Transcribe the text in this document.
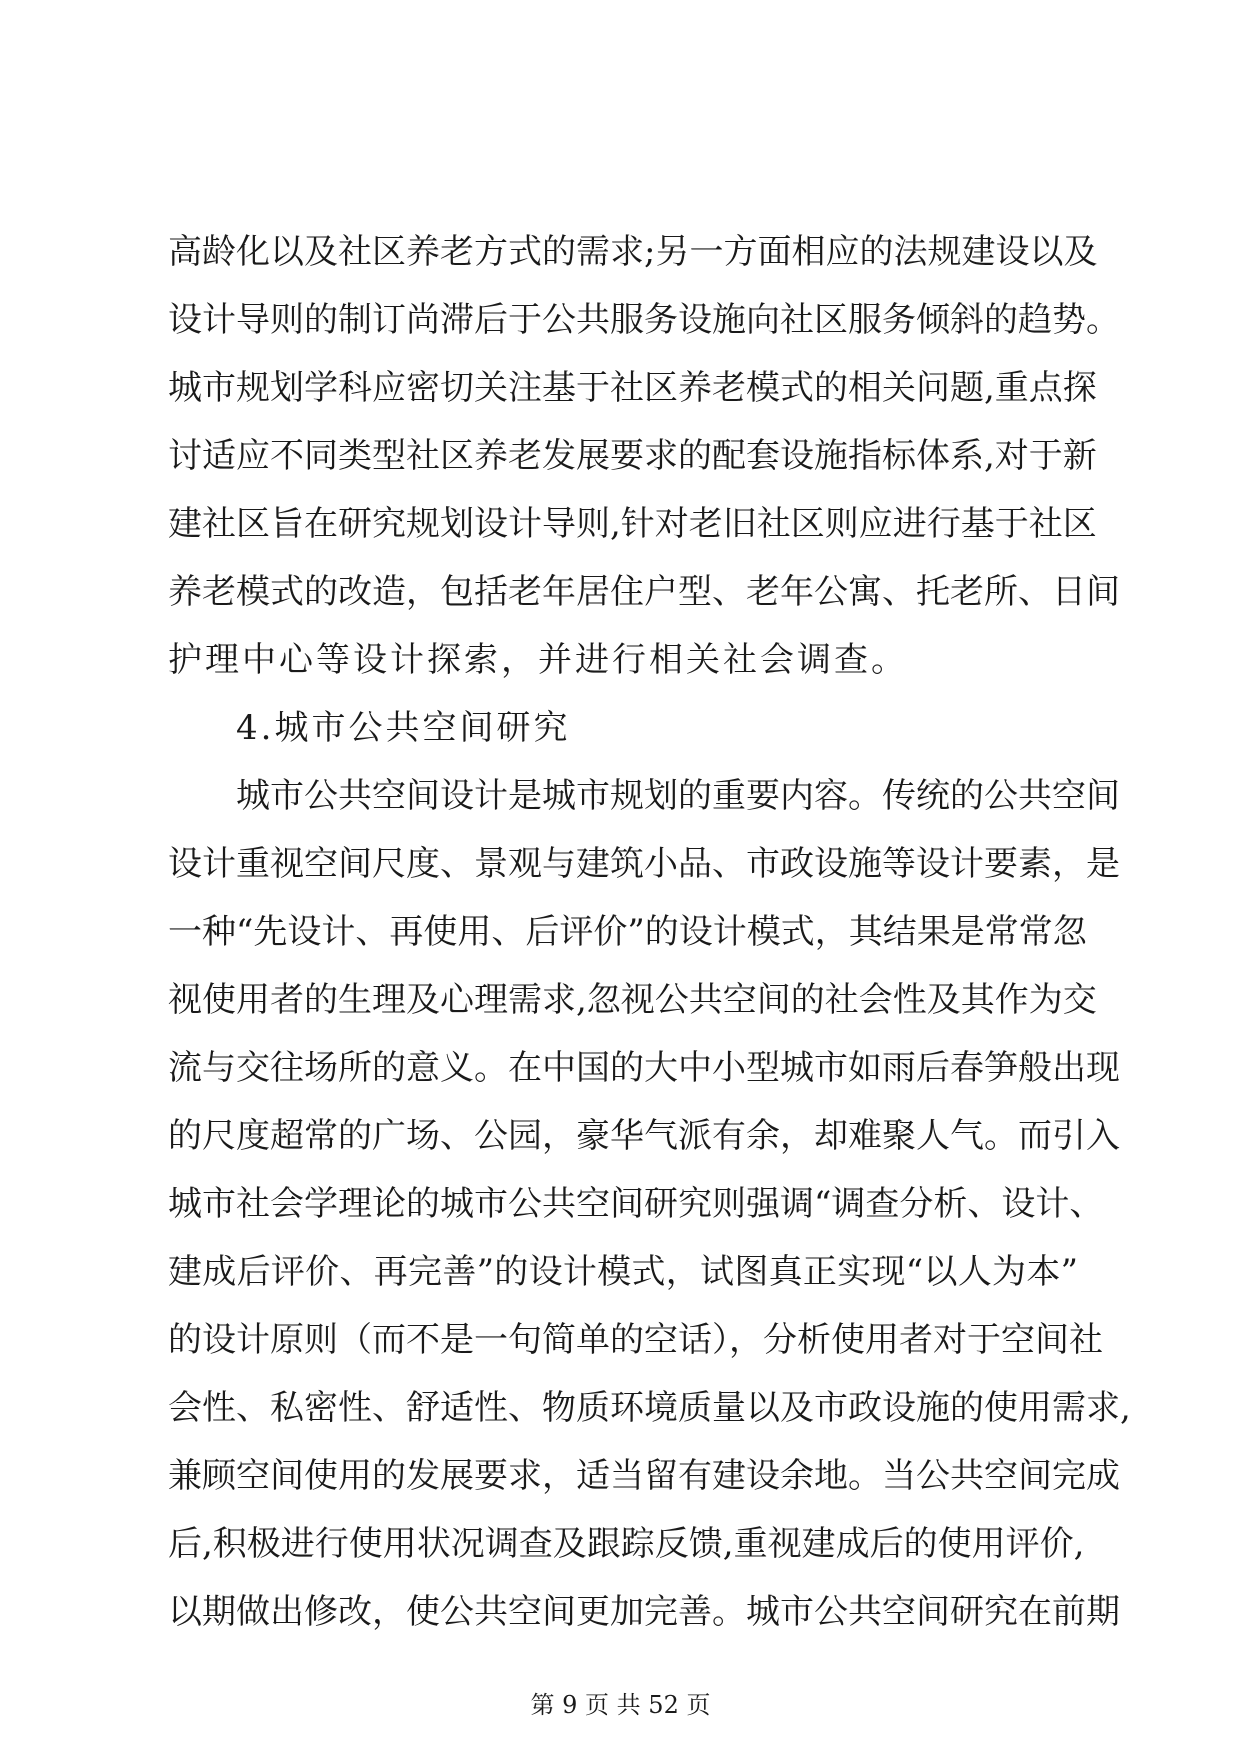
高龄化以及社区养老方式的需求;另一方面相应的法规建设以及
设计导则的制订尚滞后于公共服务设施向社区服务倾斜的趋势。
城市规划学科应密切关注基于社区养老模式的相关问题,重点探
讨适应不同类型社区养老发展要求的配套设施指标体系,对于新
建社区旨在研究规划设计导则,针对老旧社区则应进行基于社区
养老模式的改造，包括老年居住户型、老年公寓、托老所、日间
护理中心等设计探索，并进行相关社会调查。
4.城市公共空间研究
城市公共空间设计是城市规划的重要内容。传统的公共空间
设计重视空间尺度、景观与建筑小品、市政设施等设计要素，是
一种“先设计、再使用、后评价”的设计模式，其结果是常常忽
视使用者的生理及心理需求,忽视公共空间的社会性及其作为交
流与交往场所的意义。在中国的大中小型城市如雨后春笋般出现
的尺度超常的广场、公园，豪华气派有余，却难聚人气。而引入
城市社会学理论的城市公共空间研究则强调“调查分析、设计、
建成后评价、再完善”的设计模式，试图真正实现“以人为本”
的设计原则（而不是一句简单的空话），分析使用者对于空间社
会性、私密性、舒适性、物质环境质量以及市政设施的使用需求,
兼顾空间使用的发展要求，适当留有建设余地。当公共空间完成
后,积极进行使用状况调查及跟踪反馈,重视建成后的使用评价,
以期做出修改，使公共空间更加完善。城市公共空间研究在前期
第 9 页 共 52 页
